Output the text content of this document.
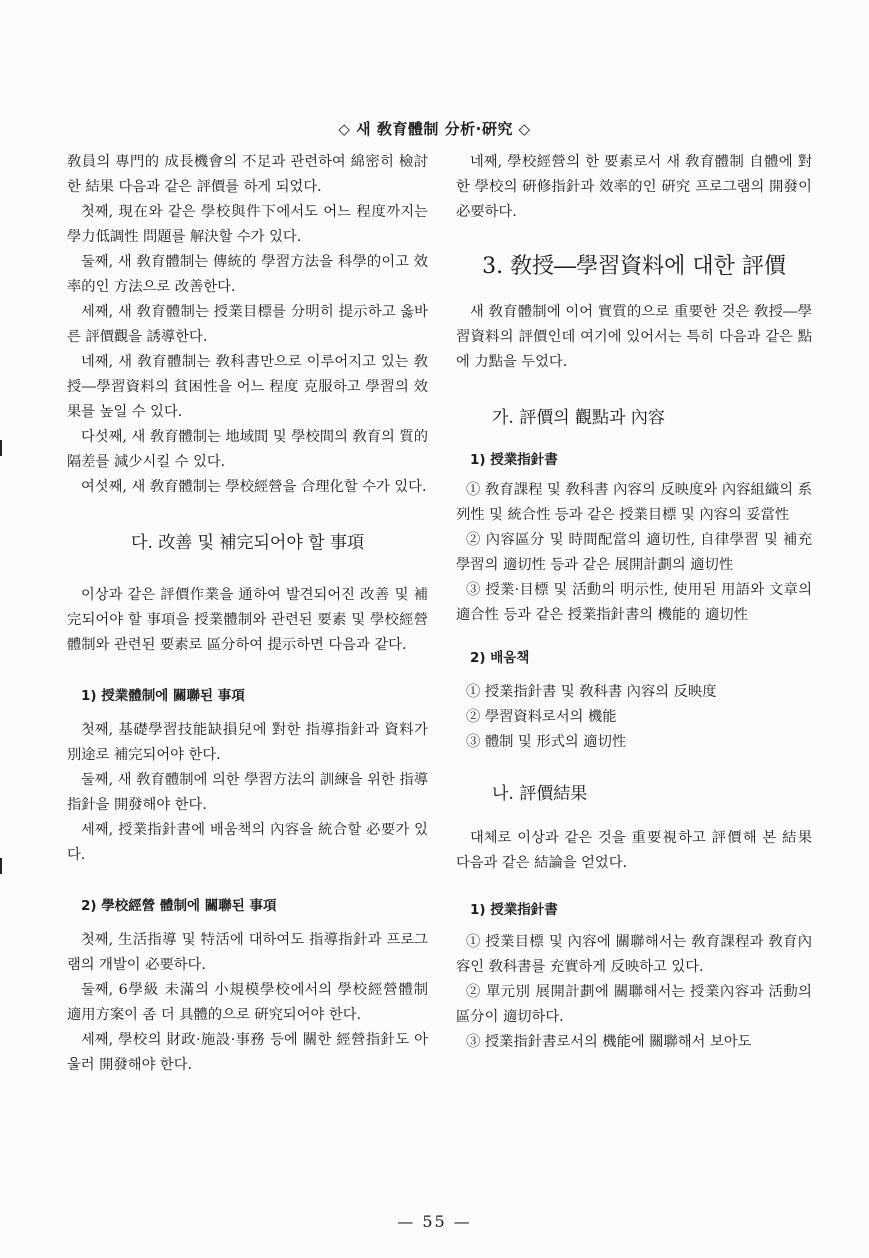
◇ 새 敎育體制 分析·硏究 ◇

敎員의 專門的 成長機會의 不足과 관련하여 綿密히 檢討한 結果 다음과 같은 評價를 하게 되었다.

첫째, 現在와 같은 學校與件下에서도 어느 程度까지는 學力低調性 問題를 解決할 수가 있다.

둘째, 새 敎育體制는 傳統的 學習方法을 科學的이고 效率的인 方法으로 改善한다.

세째, 새 敎育體制는 授業目標를 分明히 提示하고 옳바른 評價觀을 誘導한다.

네째, 새 敎育體制는 敎科書만으로 이루어지고 있는 敎授―學習資料의 貧困性을 어느 程度 克服하고 學習의 效果를 높일 수 있다.

다섯째, 새 敎育體制는 地域間 및 學校間의 敎育의 質的 隔差를 減少시킬 수 있다.

여섯째, 새 敎育體制는 學校經營을 合理化할 수가 있다.

다. 改善 및 補完되어야 할 事項

이상과 같은 評價作業을 通하여 발견되어진 改善 및 補完되어야 할 事項을 授業體制와 관련된 要素 및 學校經營體制와 관련된 要素로 區分하여 提示하면 다음과 같다.

1) 授業體制에 關聯된 事項

첫째, 基礎學習技能缺損兒에 對한 指導指針과 資料가 別途로 補完되어야 한다.

둘째, 새 敎育體制에 의한 學習方法의 訓練을 위한 指導指針을 開發해야 한다.

세째, 授業指針書에 배움책의 內容을 統合할 必要가 있다.

2) 學校經營 體制에 關聯된 事項

첫째, 生活指導 및 特活에 대하여도 指導指針과 프로그램의 개발이 必要하다.

둘째, 6學級 未滿의 小規模學校에서의 學校經營體制 適用方案이 좀 더 具體的으로 硏究되어야 한다.

세째, 學校의 財政·施設·事務 등에 關한 經營指針도 아울러 開發해야 한다.

네째, 學校經營의 한 要素로서 새 敎育體制 自體에 對한 學校의 硏修指針과 效率的인 硏究 프로그램의 開發이 必要하다.

3. 敎授―學習資料에 대한 評價

새 敎育體制에 이어 實質的으로 重要한 것은 敎授―學習資料의 評價인데 여기에 있어서는 특히 다음과 같은 點에 力點을 두었다.

가. 評價의 觀點과 內容

1) 授業指針書

① 敎育課程 및 敎科書 內容의 反映度와 內容組織의 系列性 및 統合性 등과 같은 授業目標 및 內容의 妥當性

② 內容區分 및 時間配當의 適切性, 自律學習 및 補充學習의 適切性 등과 같은 展開計劃의 適切性

③ 授業·目標 및 活動의 明示性, 使用된 用語와 文章의 適合性 등과 같은 授業指針書의 機能的 適切性

2) 배움책

① 授業指針書 및 敎科書 內容의 反映度

② 學習資料로서의 機能

③ 體制 및 形式의 適切性

나. 評價結果

대체로 이상과 같은 것을 重要視하고 評價해 본 結果 다음과 같은 結論을 얻었다.

1) 授業指針書

① 授業目標 및 內容에 關聯해서는 敎育課程과 敎育內容인 敎科書를 充實하게 反映하고 있다.

② 單元別 展開計劃에 關聯해서는 授業內容과 活動의 區分이 適切하다.

③ 授業指針書로서의 機能에 關聯해서 보아도

— 55 —
